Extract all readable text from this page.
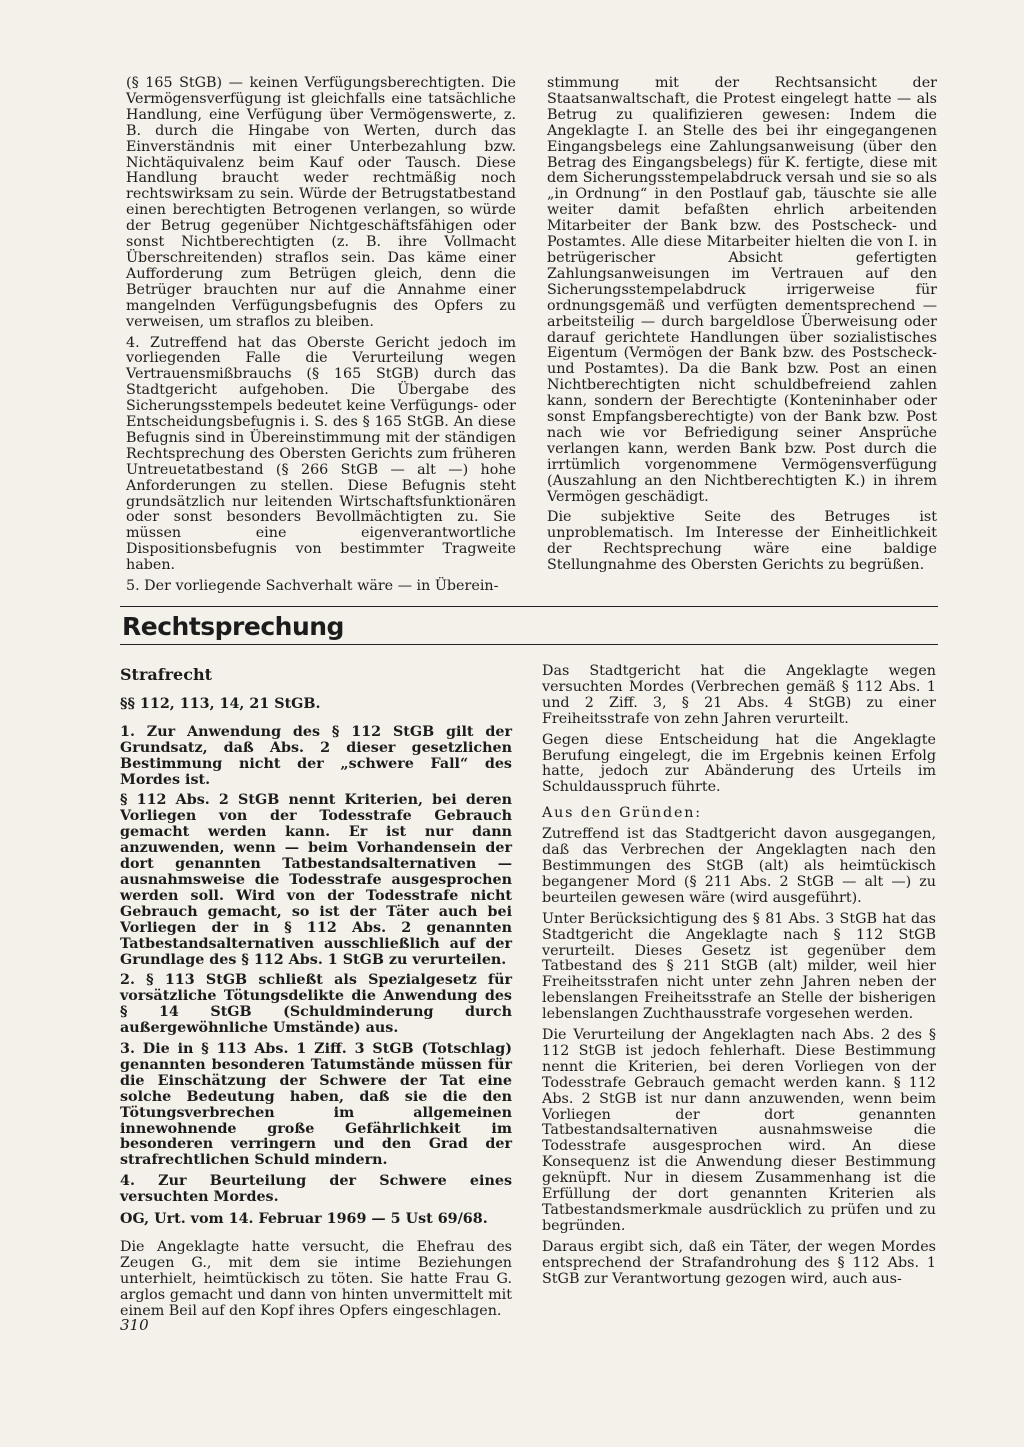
(§ 165 StGB) — keinen Verfügungsberechtigten. Die Vermögensverfügung ist gleichfalls eine tatsächliche Handlung, eine Verfügung über Vermögenswerte, z. B. durch die Hingabe von Werten, durch das Einverständnis mit einer Unterbezahlung bzw. Nichtäquivalenz beim Kauf oder Tausch. Diese Handlung braucht weder rechtmäßig noch rechtswirksam zu sein. Würde der Betrugstatbestand einen berechtigten Betrogenen verlangen, so würde der Betrug gegenüber Nichtgeschäftsfähigen oder sonst Nichtberechtigten (z. B. ihre Vollmacht Überschreitenden) straflos sein. Das käme einer Aufforderung zum Betrügen gleich, denn die Betrüger brauchten nur auf die Annahme einer mangelnden Verfügungsbefugnis des Opfers zu verweisen, um straflos zu bleiben.

4. Zutreffend hat das Oberste Gericht jedoch im vorliegenden Falle die Verurteilung wegen Vertrauensmißbrauchs (§ 165 StGB) durch das Stadtgericht aufgehoben. Die Übergabe des Sicherungsstempels bedeutet keine Verfügungs- oder Entscheidungsbefugnis i. S. des § 165 StGB. An diese Befugnis sind in Übereinstimmung mit der ständigen Rechtsprechung des Obersten Gerichts zum früheren Untreuetatbestand (§ 266 StGB — alt —) hohe Anforderungen zu stellen. Diese Befugnis steht grundsätzlich nur leitenden Wirtschaftsfunktionären oder sonst besonders Bevollmächtigten zu. Sie müssen eine eigenverantwortliche Dispositionsbefugnis von bestimmter Tragweite haben.

5. Der vorliegende Sachverhalt wäre — in Überein-

stimmung mit der Rechtsansicht der Staatsanwaltschaft, die Protest eingelegt hatte — als Betrug zu qualifizieren gewesen: Indem die Angeklagte I. an Stelle des bei ihr eingegangenen Eingangsbelegs eine Zahlungsanweisung (über den Betrag des Eingangsbelegs) für K. fertigte, diese mit dem Sicherungsstempelabdruck versah und sie so als „in Ordnung“ in den Postlauf gab, täuschte sie alle weiter damit befaßten ehrlich arbeitenden Mitarbeiter der Bank bzw. des Postscheck- und Postamtes. Alle diese Mitarbeiter hielten die von I. in betrügerischer Absicht gefertigten Zahlungsanweisungen im Vertrauen auf den Sicherungsstempelabdruck irrigerweise für ordnungsgemäß und verfügten dementsprechend — arbeitsteilig — durch bargeldlose Überweisung oder darauf gerichtete Handlungen über sozialistisches Eigentum (Vermögen der Bank bzw. des Postscheck- und Postamtes). Da die Bank bzw. Post an einen Nichtberechtigten nicht schuldbefreiend zahlen kann, sondern der Berechtigte (Konteninhaber oder sonst Empfangsberechtigte) von der Bank bzw. Post nach wie vor Befriedigung seiner Ansprüche verlangen kann, werden Bank bzw. Post durch die irrtümlich vorgenommene Vermögensverfügung (Auszahlung an den Nichtberechtigten K.) in ihrem Vermögen geschädigt.

Die subjektive Seite des Betruges ist unproblematisch. Im Interesse der Einheitlichkeit der Rechtsprechung wäre eine baldige Stellungnahme des Obersten Gerichts zu begrüßen.

Rechtsprechung
Strafrecht

§§ 112, 113, 14, 21 StGB.

1. Zur Anwendung des § 112 StGB gilt der Grundsatz, daß Abs. 2 dieser gesetzlichen Bestimmung nicht der „schwere Fall“ des Mordes ist.

§ 112 Abs. 2 StGB nennt Kriterien, bei deren Vorliegen von der Todesstrafe Gebrauch gemacht werden kann. Er ist nur dann anzuwenden, wenn — beim Vorhandensein der dort genannten Tatbestandsalternativen — ausnahmsweise die Todesstrafe ausgesprochen werden soll. Wird von der Todesstrafe nicht Gebrauch gemacht, so ist der Täter auch bei Vorliegen der in § 112 Abs. 2 genannten Tatbestandsalternativen ausschließlich auf der Grundlage des § 112 Abs. 1 StGB zu verurteilen.

2. § 113 StGB schließt als Spezialgesetz für vorsätzliche Tötungsdelikte die Anwendung des § 14 StGB (Schuldminderung durch außergewöhnliche Umstände) aus.

3. Die in § 113 Abs. 1 Ziff. 3 StGB (Totschlag) genannten besonderen Tatumstände müssen für die Einschätzung der Schwere der Tat eine solche Bedeutung haben, daß sie die den Tötungsverbrechen im allgemeinen innewohnende große Gefährlichkeit im besonderen verringern und den Grad der strafrechtlichen Schuld mindern.

4. Zur Beurteilung der Schwere eines versuchten Mordes.

OG, Urt. vom 14. Februar 1969 — 5 Ust 69/68.

Die Angeklagte hatte versucht, die Ehefrau des Zeugen G., mit dem sie intime Beziehungen unterhielt, heimtückisch zu töten. Sie hatte Frau G. arglos gemacht und dann von hinten unvermittelt mit einem Beil auf den Kopf ihres Opfers eingeschlagen.

Das Stadtgericht hat die Angeklagte wegen versuchten Mordes (Verbrechen gemäß § 112 Abs. 1 und 2 Ziff. 3, § 21 Abs. 4 StGB) zu einer Freiheitsstrafe von zehn Jahren verurteilt.

Gegen diese Entscheidung hat die Angeklagte Berufung eingelegt, die im Ergebnis keinen Erfolg hatte, jedoch zur Abänderung des Urteils im Schuldausspruch führte.

Aus den Gründen:

Zutreffend ist das Stadtgericht davon ausgegangen, daß das Verbrechen der Angeklagten nach den Bestimmungen des StGB (alt) als heimtückisch begangener Mord (§ 211 Abs. 2 StGB — alt —) zu beurteilen gewesen wäre (wird ausgeführt).

Unter Berücksichtigung des § 81 Abs. 3 StGB hat das Stadtgericht die Angeklagte nach § 112 StGB verurteilt. Dieses Gesetz ist gegenüber dem Tatbestand des § 211 StGB (alt) milder, weil hier Freiheitsstrafen nicht unter zehn Jahren neben der lebenslangen Freiheitsstrafe an Stelle der bisherigen lebenslangen Zuchthausstrafe vorgesehen werden.

Die Verurteilung der Angeklagten nach Abs. 2 des § 112 StGB ist jedoch fehlerhaft. Diese Bestimmung nennt die Kriterien, bei deren Vorliegen von der Todesstrafe Gebrauch gemacht werden kann. § 112 Abs. 2 StGB ist nur dann anzuwenden, wenn beim Vorliegen der dort genannten Tatbestandsalternativen ausnahmsweise die Todesstrafe ausgesprochen wird. An diese Konsequenz ist die Anwendung dieser Bestimmung geknüpft. Nur in diesem Zusammenhang ist die Erfüllung der dort genannten Kriterien als Tatbestandsmerkmale ausdrücklich zu prüfen und zu begründen.

Daraus ergibt sich, daß ein Täter, der wegen Mordes entsprechend der Strafandrohung des § 112 Abs. 1 StGB zur Verantwortung gezogen wird, auch aus-

310
